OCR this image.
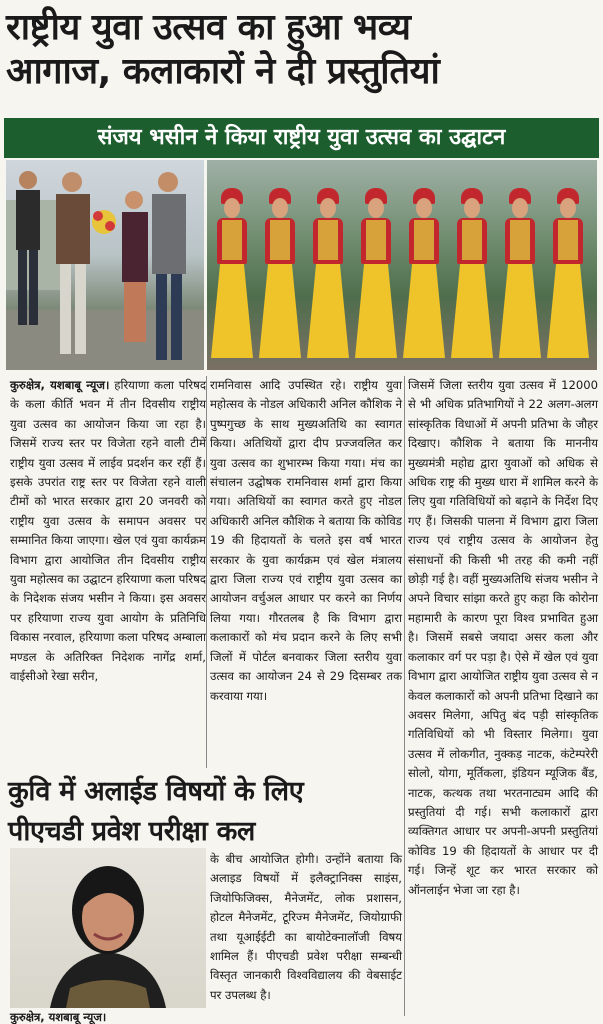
राष्ट्रीय युवा उत्सव का हुआ भव्य
आगाज, कलाकारों ने दी प्रस्तुतियां
संजय भसीन ने किया राष्ट्रीय युवा उत्सव का उद्घाटन
कुरुक्षेत्र, यशबाबू न्यूज। हरियाणा कला परिषद के कला कीर्ति भवन में तीन दिवसीय राष्ट्रीय युवा उत्सव का आयोजन किया जा रहा है। जिसमें राज्य स्तर पर विजेता रहने वाली टीमें राष्ट्रीय युवा उत्सव में लाईव प्रदर्शन कर रहीं हैं। इसके उपरांत राष्ट्र स्तर पर विजेता रहने वाली टीमों को भारत सरकार द्वारा 20 जनवरी को राष्ट्रीय युवा उत्सव के समापन अवसर पर सम्मानित किया जाएगा। खेल एवं युवा कार्यक्रम विभाग द्वारा आयोजित तीन दिवसीय राष्ट्रीय युवा महोत्सव का उद्घाटन हरियाणा कला परिषद के निदेशक संजय भसीन ने किया। इस अवसर पर हरियाणा राज्य युवा आयोग के प्रतिनिधि विकास नरवाल, हरियाणा कला परिषद अम्बाला मण्डल के अतिरिक्त निदेशक नागेंद्र शर्मा, वाईसीओ रेखा सरीन,
रामनिवास आदि उपस्थित रहे। राष्ट्रीय युवा महोत्सव के नोडल अधिकारी अनिल कौशिक ने पुष्पगुच्छ के साथ मुख्यअतिथि का स्वागत किया। अतिथियों द्वारा दीप प्रज्जवलित कर युवा उत्सव का शुभारम्भ किया गया। मंच का संचालन उद्घोषक रामनिवास शर्मा द्वारा किया गया। अतिथियों का स्वागत करते हुए नोडल अधिकारी अनिल कौशिक ने बताया कि कोविड 19 की हिदायतों के चलते इस वर्ष भारत सरकार के युवा कार्यक्रम एवं खेल मंत्रालय द्वारा जिला राज्य एवं राष्ट्रीय युवा उत्सव का आयोजन वर्चुअल आधार पर करने का निर्णय लिया गया। गौरतलब है कि विभाग द्वारा कलाकारों को मंच प्रदान करने के लिए सभी जिलों में पोर्टल बनवाकर जिला स्तरीय युवा उत्सव का आयोजन 24 से 29 दिसम्बर तक करवाया गया।
जिसमें जिला स्तरीय युवा उत्सव में 12000 से भी अधिक प्रतिभागियों ने 22 अलग-अलग सांस्कृतिक विधाओं में अपनी प्रतिभा के जौहर दिखाए। कौशिक ने बताया कि माननीय मुख्यमंत्री महोद्य द्वारा युवाओं को अधिक से अधिक राष्ट्र की मुख्य धारा में शामिल करने के लिए युवा गतिविधियों को बढ़ाने के निर्देश दिए गए हैं। जिसकी पालना में विभाग द्वारा जिला राज्य एवं राष्ट्रीय उत्सव के आयोजन हेतु संसाधनों की किसी भी तरह की कमी नहीं छोड़ी गई है। वहीं मुख्यअतिथि संजय भसीन ने अपने विचार सांझा करते हुए कहा कि कोरोना महामारी के कारण पूरा विश्व प्रभावित हुआ है। जिसमें सबसे जयादा असर कला और कलाकार वर्ग पर पड़ा है। ऐसे में खेल एवं युवा विभाग द्वारा आयोजित राष्ट्रीय युवा उत्सव से न केवल कलाकारों को अपनी प्रतिभा दिखाने का अवसर मिलेगा, अपितु बंद पड़ी सांस्कृतिक गतिविधियों को भी विस्तार मिलेगा। युवा उत्सव में लोकगीत, नुक्कड़ नाटक, कंटेम्परेरी सोलो, योगा, मूर्तिकला, इंडियन म्यूजिक बैंड, नाटक, कत्थक तथा भरतनाट्यम आदि की प्रस्तुतियां दी गई। सभी कलाकारों द्वारा व्यक्तिगत आधार पर अपनी-अपनी प्रस्तुतियां कोविड 19 की हिदायतों के आधार पर दी गई। जिन्हें शूट कर भारत सरकार को ऑनलाईन भेजा जा रहा है।
कुवि में अलाईड विषयों के लिए
पीएचडी प्रवेश परीक्षा कल
के बीच आयोजित होगी। उन्होंने बताया कि अलाइड विषयों में इलैक्ट्रानिक्स साइंस, जियोफिजिक्स, मैनेजमेंट, लोक प्रशासन, होटल मैनेजमेंट, टूरिज्म मैनेजमेंट, जियोग्राफी तथा यूआईईटी का बायोटेक्नालॉजी विषय शामिल हैं। पीएचडी प्रवेश परीक्षा सम्बन्धी विस्तृत जानकारी विश्वविद्यालय की वेबसाईट पर उपलब्ध है।
कुरुक्षेत्र, यशबाबू न्यूज।
